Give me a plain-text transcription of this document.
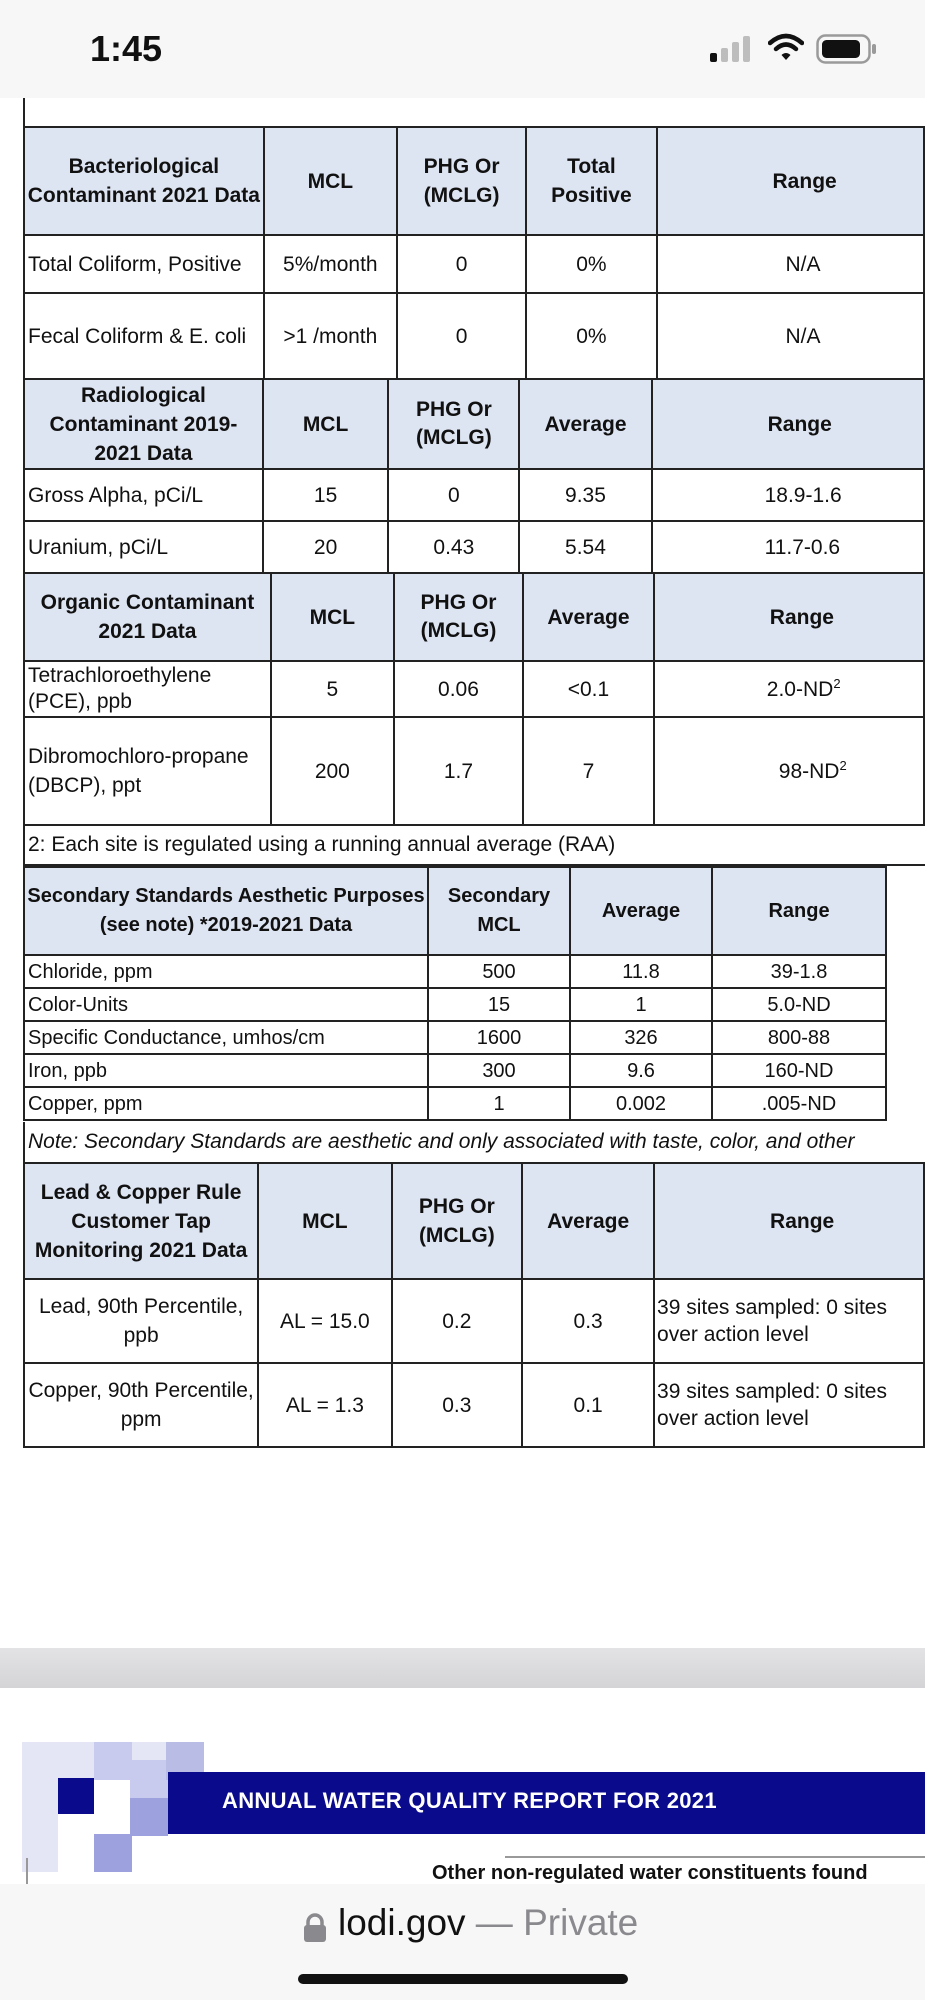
1:45
Bacteriological Contaminant 2021 Data	MCL	PHG Or (MCLG)	Total Positive	Range
Total Coliform, Positive	5%/month	0	0%	N/A
Fecal Coliform & E. coli	>1 /month	0	0%	N/A
Radiological Contaminant 2019-2021 Data	MCL	PHG Or (MCLG)	Average	Range
Gross Alpha, pCi/L	15	0	9.35	18.9-1.6
Uranium, pCi/L	20	0.43	5.54	11.7-0.6
Organic Contaminant 2021 Data	MCL	PHG Or (MCLG)	Average	Range
Tetrachloroethylene (PCE), ppb	5	0.06	<0.1	$2.0-ND^2$
Dibromochloro-propane (DBCP), ppt	200	1.7	7	$98-ND^2$
2: Each site is regulated using a running annual average (RAA)
Secondary Standards Aesthetic Purposes (see note) *2019-2021 Data	Secondary MCL	Average	Range
Chloride, ppm	500	11.8	39-1.8
Color-Units	15	1	5.0-ND
Specific Conductance, umhos/cm	1600	326	800-88
Iron, ppb	300	9.6	160-ND
Copper, ppm	1	0.002	.005-ND
Note: Secondary Standards are aesthetic and only associated with taste, color, and other
Lead & Copper Rule Customer Tap Monitoring 2021 Data	MCL	PHG Or (MCLG)	Average	Range
Lead, 90th Percentile, ppb	AL = 15.0	0.2	0.3	39 sites sampled: 0 sites over action level
Copper, 90th Percentile, ppm	AL = 1.3	0.3	0.1	39 sites sampled: 0 sites over action level
ANNUAL WATER QUALITY REPORT FOR 2021
Other non-regulated water constituents found
lodi.gov — Private
